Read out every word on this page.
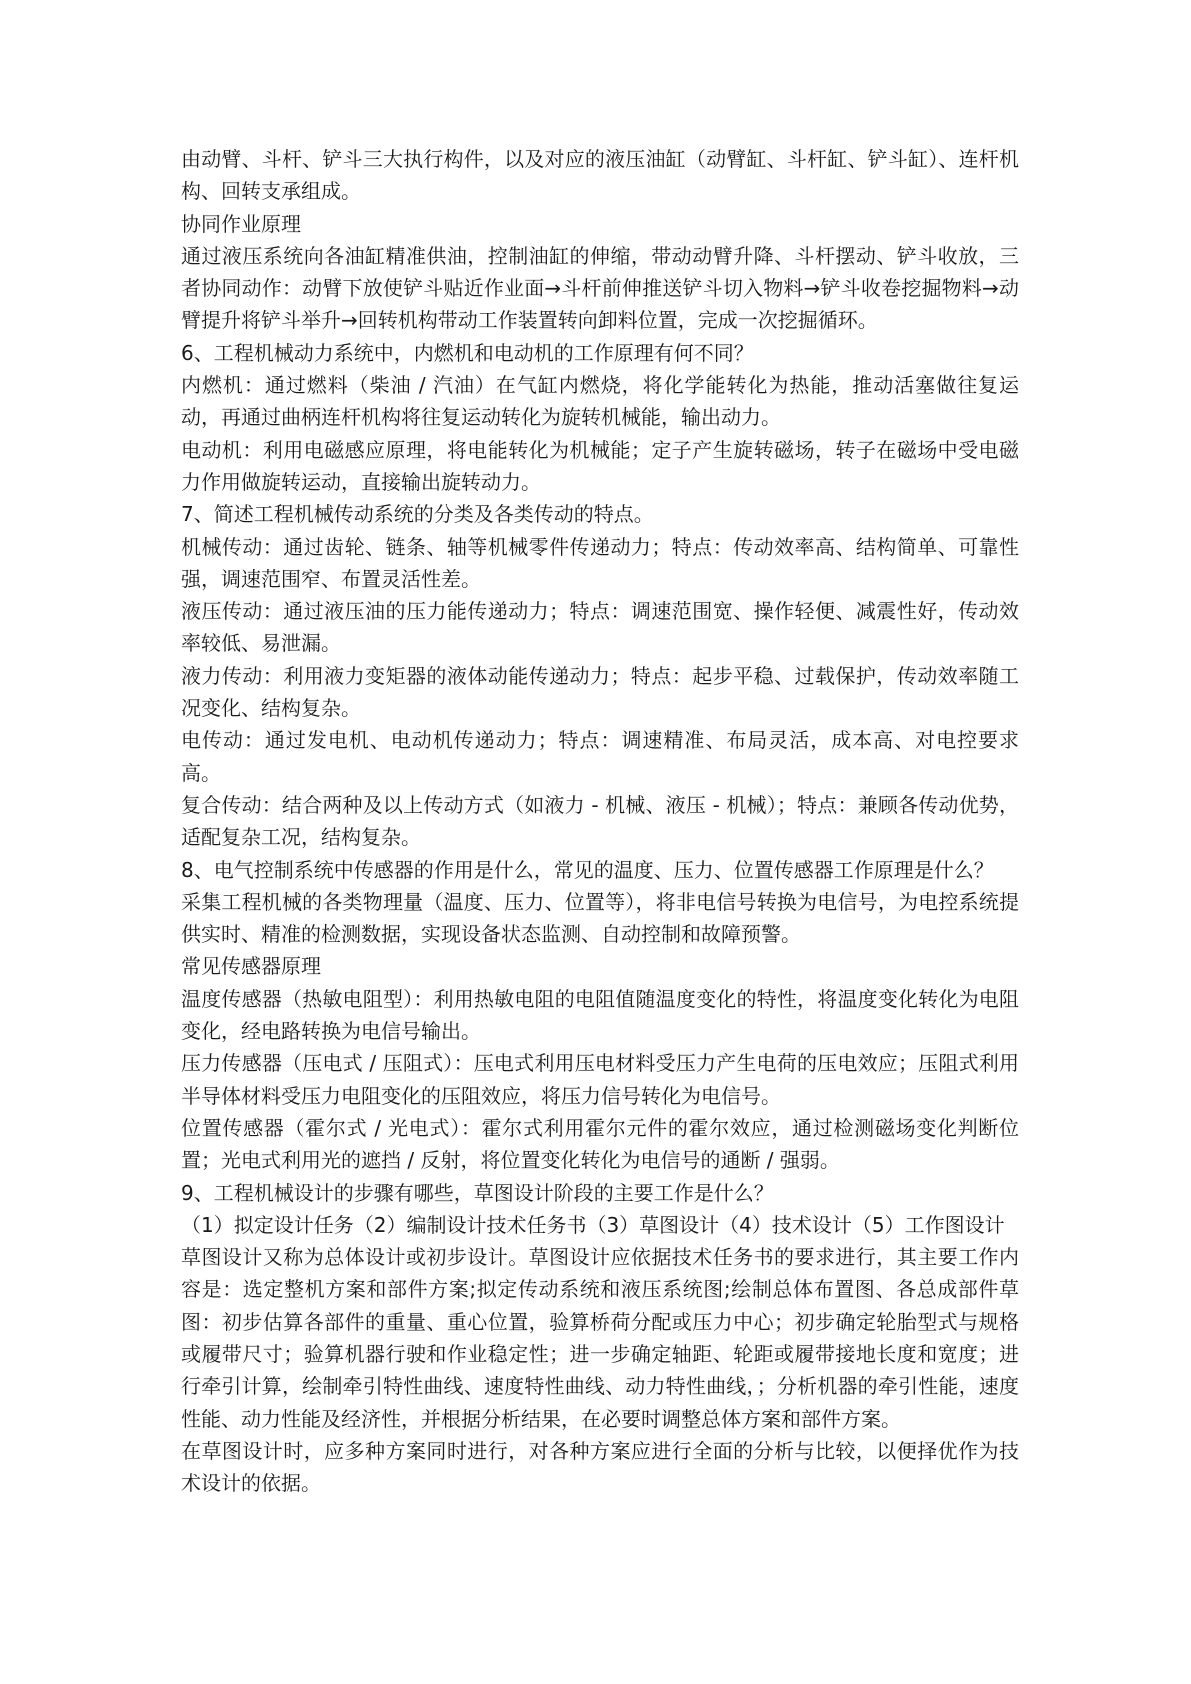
由动臂、斗杆、铲斗三大执行构件，以及对应的液压油缸（动臂缸、斗杆缸、铲斗缸）、连杆机构、回转支承组成。

协同作业原理

通过液压系统向各油缸精准供油，控制油缸的伸缩，带动动臂升降、斗杆摆动、铲斗收放，三者协同动作：动臂下放使铲斗贴近作业面→斗杆前伸推送铲斗切入物料→铲斗收卷挖掘物料→动臂提升将铲斗举升→回转机构带动工作装置转向卸料位置，完成一次挖掘循环。

6、工程机械动力系统中，内燃机和电动机的工作原理有何不同？

内燃机：通过燃料（柴油 / 汽油）在气缸内燃烧，将化学能转化为热能，推动活塞做往复运动，再通过曲柄连杆机构将往复运动转化为旋转机械能，输出动力。

电动机：利用电磁感应原理，将电能转化为机械能；定子产生旋转磁场，转子在磁场中受电磁力作用做旋转运动，直接输出旋转动力。

7、简述工程机械传动系统的分类及各类传动的特点。

机械传动：通过齿轮、链条、轴等机械零件传递动力；特点：传动效率高、结构简单、可靠性强，调速范围窄、布置灵活性差。

液压传动：通过液压油的压力能传递动力；特点：调速范围宽、操作轻便、减震性好，传动效率较低、易泄漏。

液力传动：利用液力变矩器的液体动能传递动力；特点：起步平稳、过载保护，传动效率随工况变化、结构复杂。

电传动：通过发电机、电动机传递动力；特点：调速精准、布局灵活，成本高、对电控要求高。

复合传动：结合两种及以上传动方式（如液力 - 机械、液压 - 机械）；特点：兼顾各传动优势，适配复杂工况，结构复杂。

8、电气控制系统中传感器的作用是什么，常见的温度、压力、位置传感器工作原理是什么？

采集工程机械的各类物理量（温度、压力、位置等），将非电信号转换为电信号，为电控系统提供实时、精准的检测数据，实现设备状态监测、自动控制和故障预警。

常见传感器原理

温度传感器（热敏电阻型）：利用热敏电阻的电阻值随温度变化的特性，将温度变化转化为电阻变化，经电路转换为电信号输出。

压力传感器（压电式 / 压阻式）：压电式利用压电材料受压力产生电荷的压电效应；压阻式利用半导体材料受压力电阻变化的压阻效应，将压力信号转化为电信号。

位置传感器（霍尔式 / 光电式）：霍尔式利用霍尔元件的霍尔效应，通过检测磁场变化判断位置；光电式利用光的遮挡 / 反射，将位置变化转化为电信号的通断 / 强弱。

9、工程机械设计的步骤有哪些，草图设计阶段的主要工作是什么？

（1）拟定设计任务（2）编制设计技术任务书（3）草图设计（4）技术设计（5）工作图设计

草图设计又称为总体设计或初步设计。草图设计应依据技术任务书的要求进行，其主要工作内容是：选定整机方案和部件方案;拟定传动系统和液压系统图;绘制总体布置图、各总成部件草图：初步估算各部件的重量、重心位置，验算桥荷分配或压力中心；初步确定轮胎型式与规格或履带尺寸；验算机器行驶和作业稳定性；进一步确定轴距、轮距或履带接地长度和宽度；进行牵引计算，绘制牵引特性曲线、速度特性曲线、动力特性曲线，；分析机器的牵引性能，速度性能、动力性能及经济性，并根据分析结果，在必要时调整总体方案和部件方案。

在草图设计时，应多种方案同时进行，对各种方案应进行全面的分析与比较，以便择优作为技术设计的依据。
